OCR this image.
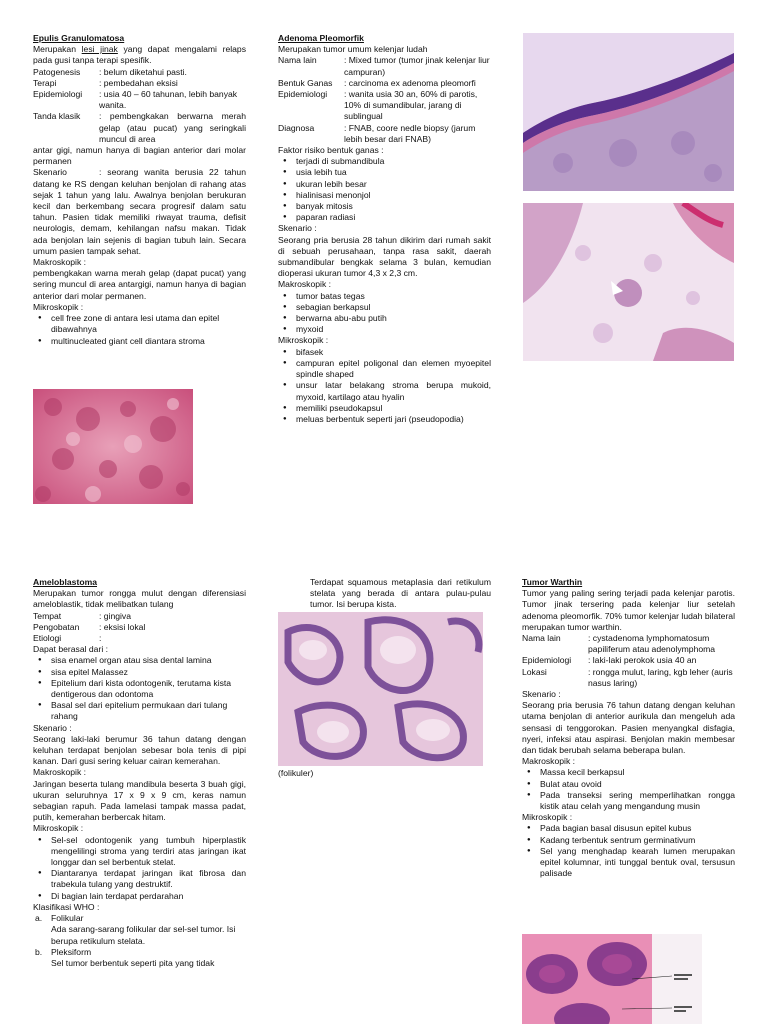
Epulis Granulomatosa

Merupakan lesi jinak yang dapat mengalami relaps pada gusi tanpa terapi spesifik.

Patogenesis	: belum diketahui pasti.
Terapi	: pembedahan eksisi
Epidemiologi	: usia 40 – 60 tahunan, lebih banyak wanita.
Tanda klasik	: pembengkakan berwarna merah gelap (atau pucat) yang seringkali muncul di area

antar gigi, namun hanya di bagian anterior dari molar permanen

Skenario	: seorang wanita berusia 22 tahun datang ke RS dengan keluhan benjolan di rahang atas sejak 1 tahun yang lalu. Awalnya benjolan berukuran kecil dan berkembang secara progresif dalam satu tahun. Pasien tidak memiliki riwayat trauma, defisit neurologis, demam, kehilangan nafsu makan. Tidak ada benjolan lain sejenis di bagian tubuh lain. Secara umum pasien tampak sehat.

Makroskopik :

pembengkakan warna merah gelap (dapat pucat) yang sering muncul di area antargigi, namun hanya di bagian anterior dari molar permanen.

Mikroskopik :
● cell free zone di antara lesi utama dan epitel dibawahnya
● multinucleated giant cell diantara stroma
Adenoma Pleomorfik

Merupakan tumor umum kelenjar ludah

Nama lain	: Mixed tumor (tumor jinak kelenjar liur campuran)
Bentuk Ganas	: carcinoma ex adenoma pleomorfi
Epidemiologi	: wanita usia 30 an, 60% di parotis, 10% di sumandibular, jarang di sublingual
Diagnosa	: FNAB, coore nedle biopsy (jarum lebih besar dari FNAB)
Faktor risiko bentuk ganas :
● terjadi di submandibula
● usia lebih tua
● ukuran lebih besar
● hialinisasi menonjol
● banyak mitosis
● paparan radiasi
Skenario :

Seorang pria berusia 28 tahun dikirim dari rumah sakit di sebuah perusahaan, tanpa rasa sakit, daerah submandibular bengkak selama 3 bulan, kemudian dioperasi ukuran tumor 4,3 x 2,3 cm.

Makroskopik :
● tumor batas tegas
● sebagian berkapsul
● berwarna abu-abu putih
● myxoid
Mikroskopik :
● bifasek
● campuran epitel poligonal dan elemen myoepitel spindle shaped
● unsur latar belakang stroma berupa mukoid, myxoid, kartilago atau hyalin
● memiliki pseudokapsul
● meluas berbentuk seperti jari (pseudopodia)
Ameloblastoma

Merupakan tumor rongga mulut dengan diferensiasi ameloblastik, tidak melibatkan tulang

Tempat	: gingiva
Pengobatan	: eksisi lokal
Etiologi	:
Dapat berasal dari :
● sisa enamel organ atau sisa dental lamina
● sisa epitel Malassez
● Epitelium dari kista odontogenik, terutama kista dentigerous dan odontoma
● Basal sel dari epitelium permukaan dari tulang rahang
Skenario :

Seorang laki-laki berumur 36 tahun datang dengan keluhan terdapat benjolan sebesar bola tenis di pipi kanan. Dari gusi sering keluar cairan kemerahan.

Makroskopik :

Jaringan beserta tulang mandibula beserta 3 buah gigi, ukuran seluruhnya 17 x 9 x 9 cm, keras namun sebagian rapuh. Pada lamelasi tampak massa padat, putih, kemerahan berbercak hitam.

Mikroskopik :
● Sel-sel odontogenik yang tumbuh hiperplastik mengelilingi stroma yang terdiri atas jaringan ikat longgar dan sel berbentuk stelat.
● Diantaranya terdapat jaringan ikat fibrosa dan trabekula tulang yang destruktif.
● Di bagian lain terdapat perdarahan
Klasifikasi WHO :
a. Folikular
Ada sarang-sarang folikular dar sel-sel tumor. Isi berupa retikulum stelata.
b. Pleksiform
Sel tumor berbentuk seperti pita yang tidak

Terdapat squamous metaplasia dari retikulum stelata yang berada di antara pulau-pulau tumor. Isi berupa kista.

(folikuler)
Tumor Warthin

Tumor yang paling sering terjadi pada kelenjar parotis. Tumor jinak tersering pada kelenjar liur setelah adenoma pleomorfik. 70% tumor kelenjar ludah bilateral merupakan tumor warthin.

Nama lain	: cystadenoma lymphomatosum papiliferum atau adenolymphoma
Epidemiologi	: laki-laki perokok usia 40 an
Lokasi	: rongga mulut, laring, kgb leher (auris nasus laring)
Skenario :

Seorang pria berusia 76 tahun datang dengan keluhan utama benjolan di anterior aurikula dan mengeluh ada sensasi di tenggorokan. Pasien menyangkal disfagia, nyeri, infeksi atau aspirasi. Benjolan makin membesar dan tidak berubah selama beberapa bulan.

Makroskopik :
● Massa kecil berkapsul
● Bulat atau ovoid
● Pada transeksi sering memperlihatkan rongga kistik atau celah yang mengandung musin
Mikroskopik :
● Pada bagian basal disusun epitel kubus
● Kadang terbentuk sentrum germinativum
● Sel yang menghadap kearah lumen merupakan epitel kolumnar, inti tunggal bentuk oval, tersusun palisade
